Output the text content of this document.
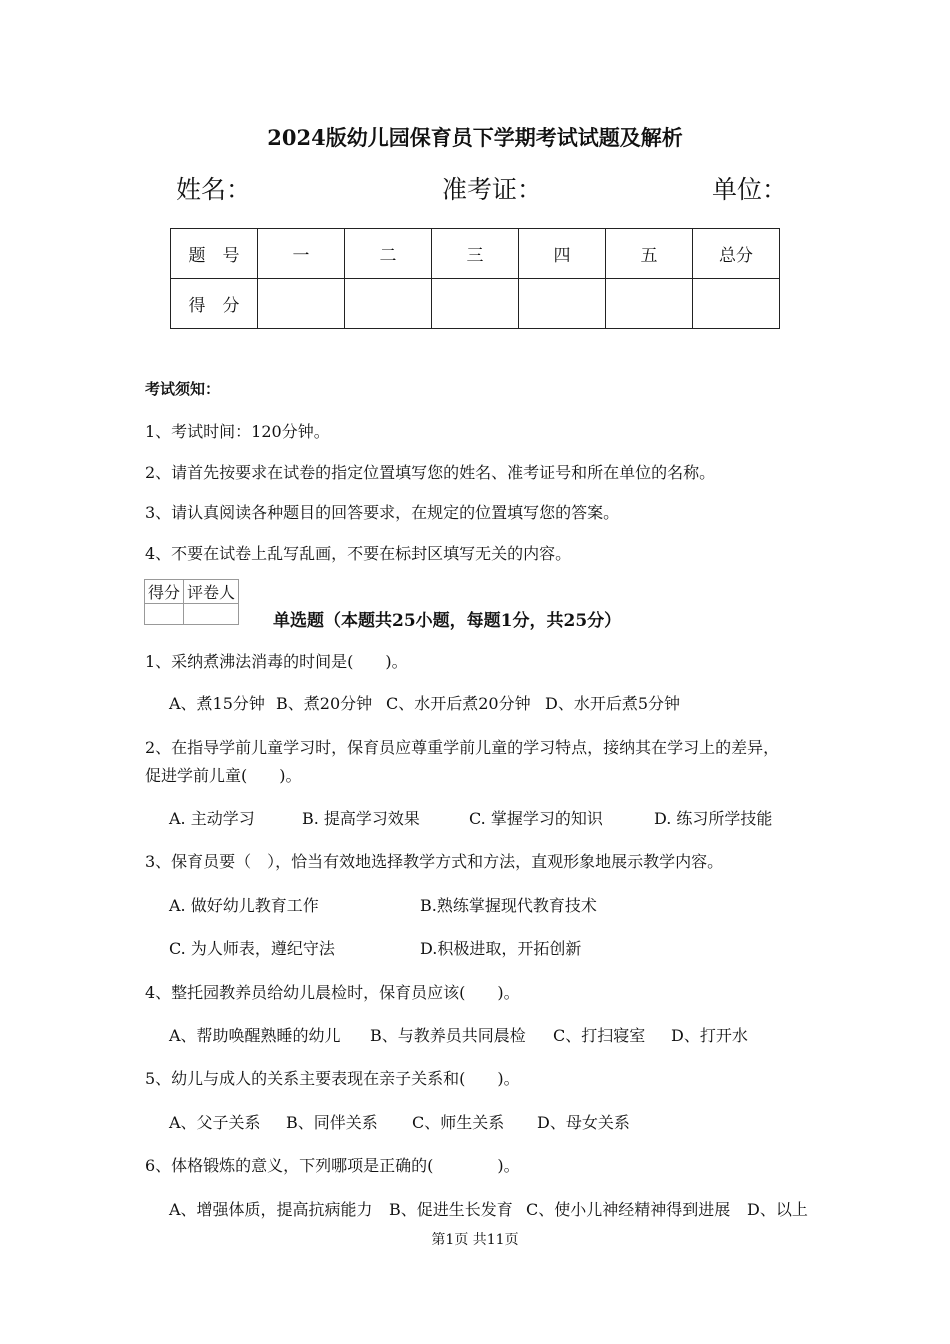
2024版幼儿园保育员下学期考试试题及解析
姓名：	准考证：	单位：
题　号	一	二	三	四	五	总分
得　分						
考试须知：
1、考试时间：120分钟。
2、请首先按要求在试卷的指定位置填写您的姓名、准考证号和所在单位的名称。
3、请认真阅读各种题目的回答要求，在规定的位置填写您的答案。
4、不要在试卷上乱写乱画，不要在标封区填写无关的内容。
得分	评卷人

单选题（本题共25小题，每题1分，共25分）
1、采纳煮沸法消毒的时间是(　　)。
A、煮15分钟 B、煮20分钟 C、水开后煮20分钟 D、水开后煮5分钟
2、在指导学前儿童学习时，保育员应尊重学前儿童的学习特点，接纳其在学习上的差异，
促进学前儿童(　　)。
A. 主动学习	B. 提高学习效果	C. 掌握学习的知识	D. 练习所学技能
3、保育员要（　），恰当有效地选择教学方式和方法，直观形象地展示教学内容。
A. 做好幼儿教育工作	B.熟练掌握现代教育技术
C. 为人师表，遵纪守法	D.积极进取，开拓创新
4、整托园教养员给幼儿晨检时，保育员应该(　　)。
A、帮助唤醒熟睡的幼儿 B、与教养员共同晨检 C、打扫寝室 D、打开水
5、幼儿与成人的关系主要表现在亲子关系和(　　)。
A、父子关系 B、同伴关系 C、师生关系 D、母女关系
6、体格锻炼的意义，下列哪项是正确的(　　　　)。
A、增强体质，提高抗病能力 B、促进生长发育 C、使小儿神经精神得到进展 D、以上
第1页 共11页
